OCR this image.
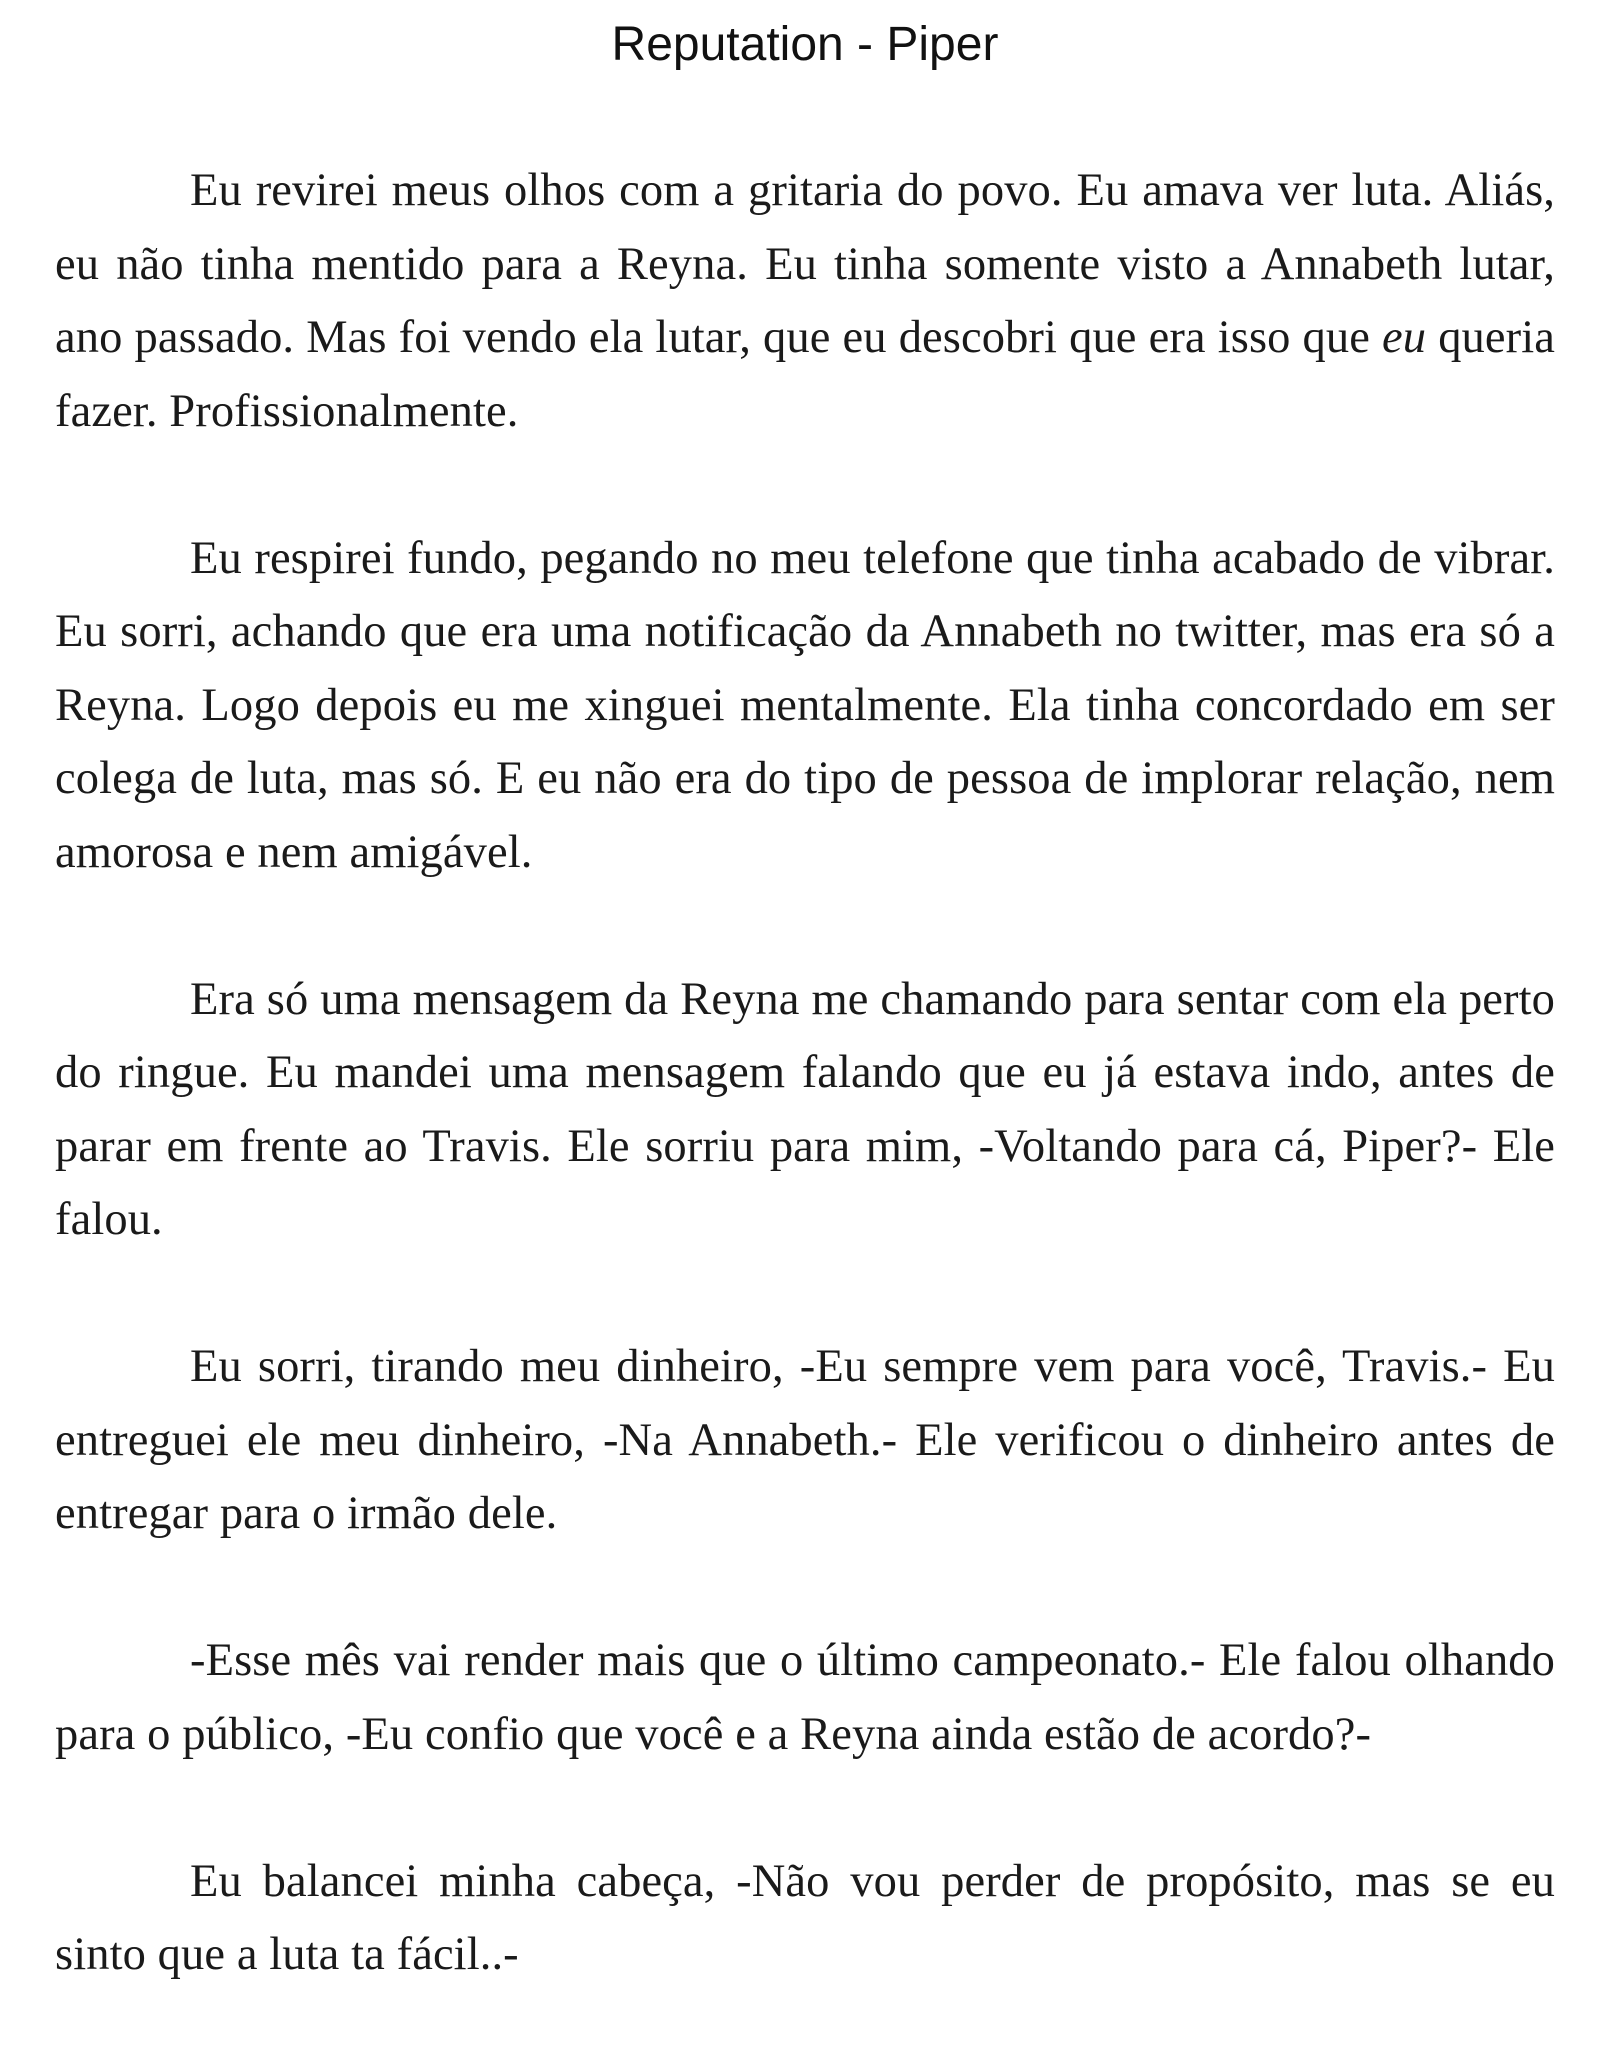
Reputation - Piper

Eu revirei meus olhos com a gritaria do povo. Eu amava ver luta. Aliás, eu não tinha mentido para a Reyna. Eu tinha somente visto a Annabeth lutar, ano passado. Mas foi vendo ela lutar, que eu descobri que era isso que eu queria fazer. Profissionalmente.

Eu respirei fundo, pegando no meu telefone que tinha acabado de vibrar. Eu sorri, achando que era uma notificação da Annabeth no twitter, mas era só a Reyna. Logo depois eu me xinguei mentalmente. Ela tinha concordado em ser colega de luta, mas só. E eu não era do tipo de pessoa de implorar relação, nem amorosa e nem amigável.

Era só uma mensagem da Reyna me chamando para sentar com ela perto do ringue. Eu mandei uma mensagem falando que eu já estava indo, antes de parar em frente ao Travis. Ele sorriu para mim, -Voltando para cá, Piper?- Ele falou.

Eu sorri, tirando meu dinheiro, -Eu sempre vem para você, Travis.- Eu entreguei ele meu dinheiro, -Na Annabeth.- Ele verificou o dinheiro antes de entregar para o irmão dele.

-Esse mês vai render mais que o último campeonato.- Ele falou olhando para o público, -Eu confio que você e a Reyna ainda estão de acordo?-

Eu balancei minha cabeça, -Não vou perder de propósito, mas se eu sinto que a luta ta fácil..-
